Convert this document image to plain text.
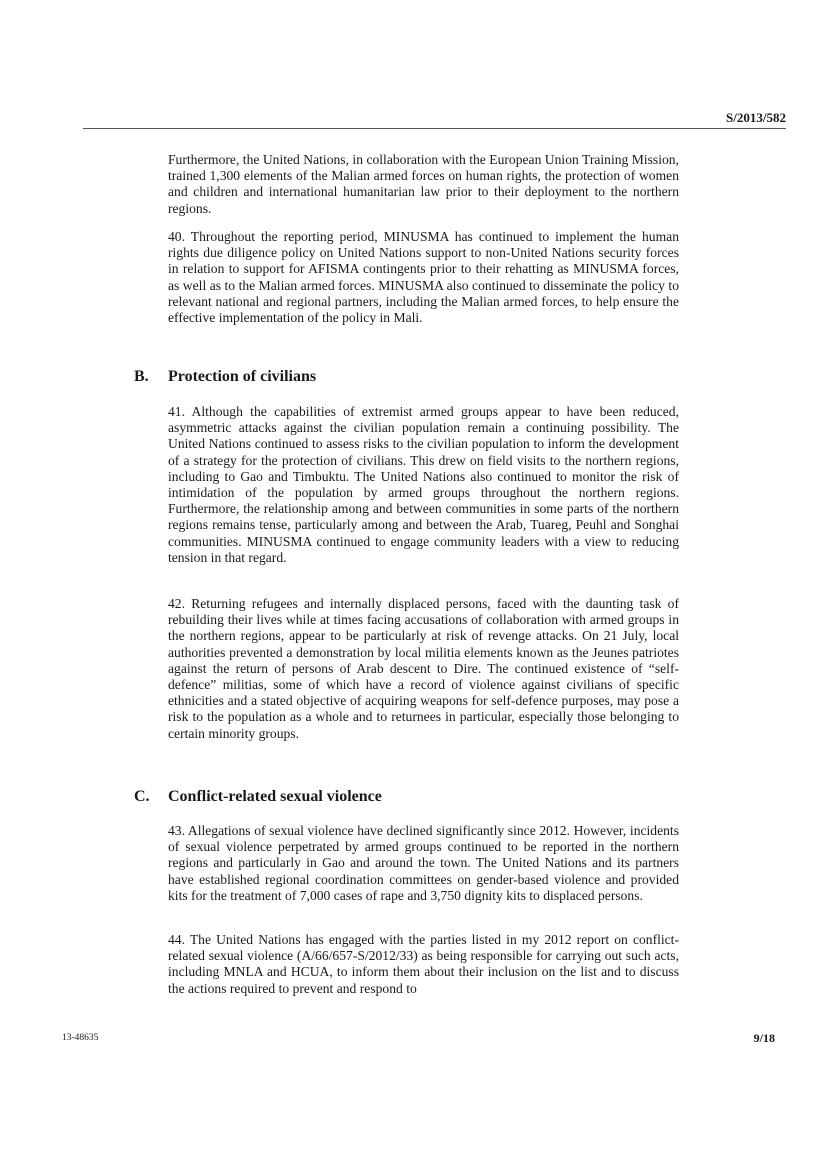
S/2013/582

Furthermore, the United Nations, in collaboration with the European Union Training Mission, trained 1,300 elements of the Malian armed forces on human rights, the protection of women and children and international humanitarian law prior to their deployment to the northern regions.

40. Throughout the reporting period, MINUSMA has continued to implement the human rights due diligence policy on United Nations support to non-United Nations security forces in relation to support for AFISMA contingents prior to their rehatting as MINUSMA forces, as well as to the Malian armed forces. MINUSMA also continued to disseminate the policy to relevant national and regional partners, including the Malian armed forces, to help ensure the effective implementation of the policy in Mali.

B.	Protection of civilians

41. Although the capabilities of extremist armed groups appear to have been reduced, asymmetric attacks against the civilian population remain a continuing possibility. The United Nations continued to assess risks to the civilian population to inform the development of a strategy for the protection of civilians. This drew on field visits to the northern regions, including to Gao and Timbuktu. The United Nations also continued to monitor the risk of intimidation of the population by armed groups throughout the northern regions. Furthermore, the relationship among and between communities in some parts of the northern regions remains tense, particularly among and between the Arab, Tuareg, Peuhl and Songhai communities. MINUSMA continued to engage community leaders with a view to reducing tension in that regard.

42. Returning refugees and internally displaced persons, faced with the daunting task of rebuilding their lives while at times facing accusations of collaboration with armed groups in the northern regions, appear to be particularly at risk of revenge attacks. On 21 July, local authorities prevented a demonstration by local militia elements known as the Jeunes patriotes against the return of persons of Arab descent to Dire. The continued existence of “self-defence” militias, some of which have a record of violence against civilians of specific ethnicities and a stated objective of acquiring weapons for self-defence purposes, may pose a risk to the population as a whole and to returnees in particular, especially those belonging to certain minority groups.

C.	Conflict-related sexual violence

43. Allegations of sexual violence have declined significantly since 2012. However, incidents of sexual violence perpetrated by armed groups continued to be reported in the northern regions and particularly in Gao and around the town. The United Nations and its partners have established regional coordination committees on gender-based violence and provided kits for the treatment of 7,000 cases of rape and 3,750 dignity kits to displaced persons.

44. The United Nations has engaged with the parties listed in my 2012 report on conflict-related sexual violence (A/66/657-S/2012/33) as being responsible for carrying out such acts, including MNLA and HCUA, to inform them about their inclusion on the list and to discuss the actions required to prevent and respond to

13-48635	9/18
